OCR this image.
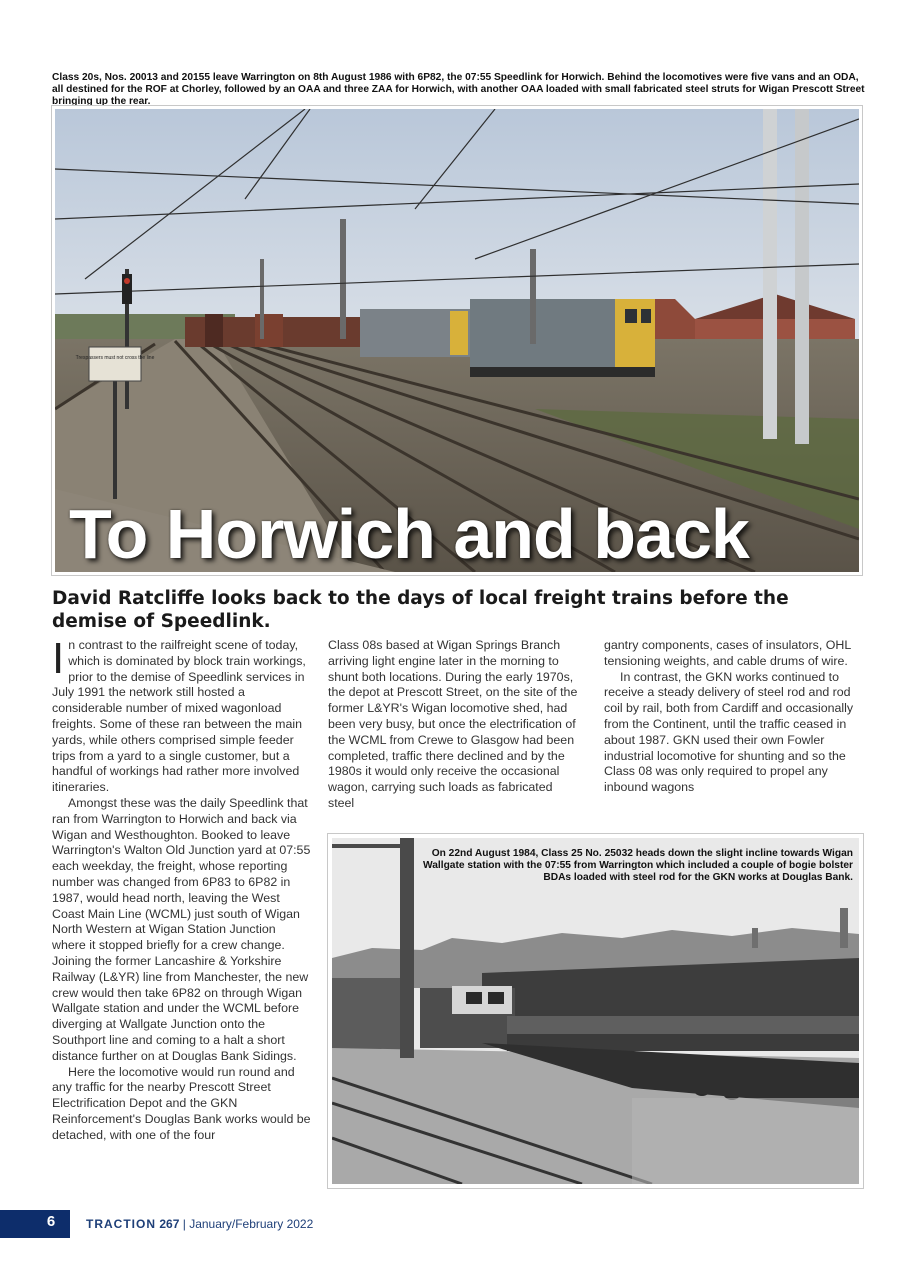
Class 20s, Nos. 20013 and 20155 leave Warrington on 8th August 1986 with 6P82, the 07:55 Speedlink for Horwich. Behind the locomotives were five vans and an ODA, all destined for the ROF at Chorley, followed by an OAA and three ZAA for Horwich, with another OAA loaded with small fabricated steel struts for Wigan Prescott Street bringing up the rear.
Trespassers must not cross the line
To Horwich and back
David Ratcliffe looks back to the days of local freight trains before the demise of Speedlink.
I n contrast to the railfreight scene of today, which is dominated by block train workings, prior to the demise of Speedlink services in July 1991 the network still hosted a considerable number of mixed wagonload freights. Some of these ran between the main yards, while others comprised simple feeder trips from a yard to a single customer, but a handful of workings had rather more involved itineraries.

Amongst these was the daily Speedlink that ran from Warrington to Horwich and back via Wigan and Westhoughton. Booked to leave Warrington's Walton Old Junction yard at 07:55 each weekday, the freight, whose reporting number was changed from 6P83 to 6P82 in 1987, would head north, leaving the West Coast Main Line (WCML) just south of Wigan North Western at Wigan Station Junction where it stopped briefly for a crew change. Joining the former Lancashire & Yorkshire Railway (L&YR) line from Manchester, the new crew would then take 6P82 on through Wigan Wallgate station and under the WCML before diverging at Wallgate Junction onto the Southport line and coming to a halt a short distance further on at Douglas Bank Sidings.

Here the locomotive would run round and any traffic for the nearby Prescott Street Electrification Depot and the GKN Reinforcement's Douglas Bank works would be detached, with one of the four

Class 08s based at Wigan Springs Branch arriving light engine later in the morning to shunt both locations. During the early 1970s, the depot at Prescott Street, on the site of the former L&YR's Wigan locomotive shed, had been very busy, but once the electrification of the WCML from Crewe to Glasgow had been completed, traffic there declined and by the 1980s it would only receive the occasional wagon, carrying such loads as fabricated steel

gantry components, cases of insulators, OHL tensioning weights, and cable drums of wire.

In contrast, the GKN works continued to receive a steady delivery of steel rod and rod coil by rail, both from Cardiff and occasionally from the Continent, until the traffic ceased in about 1987. GKN used their own Fowler industrial locomotive for shunting and so the Class 08 was only required to propel any inbound wagons

On 22nd August 1984, Class 25 No. 25032 heads down the slight incline towards Wigan Wallgate station with the 07:55 from Warrington which included a couple of bogie bolster BDAs loaded with steel rod for the GKN works at Douglas Bank.
6	TRACTION 267 | January/February 2022
